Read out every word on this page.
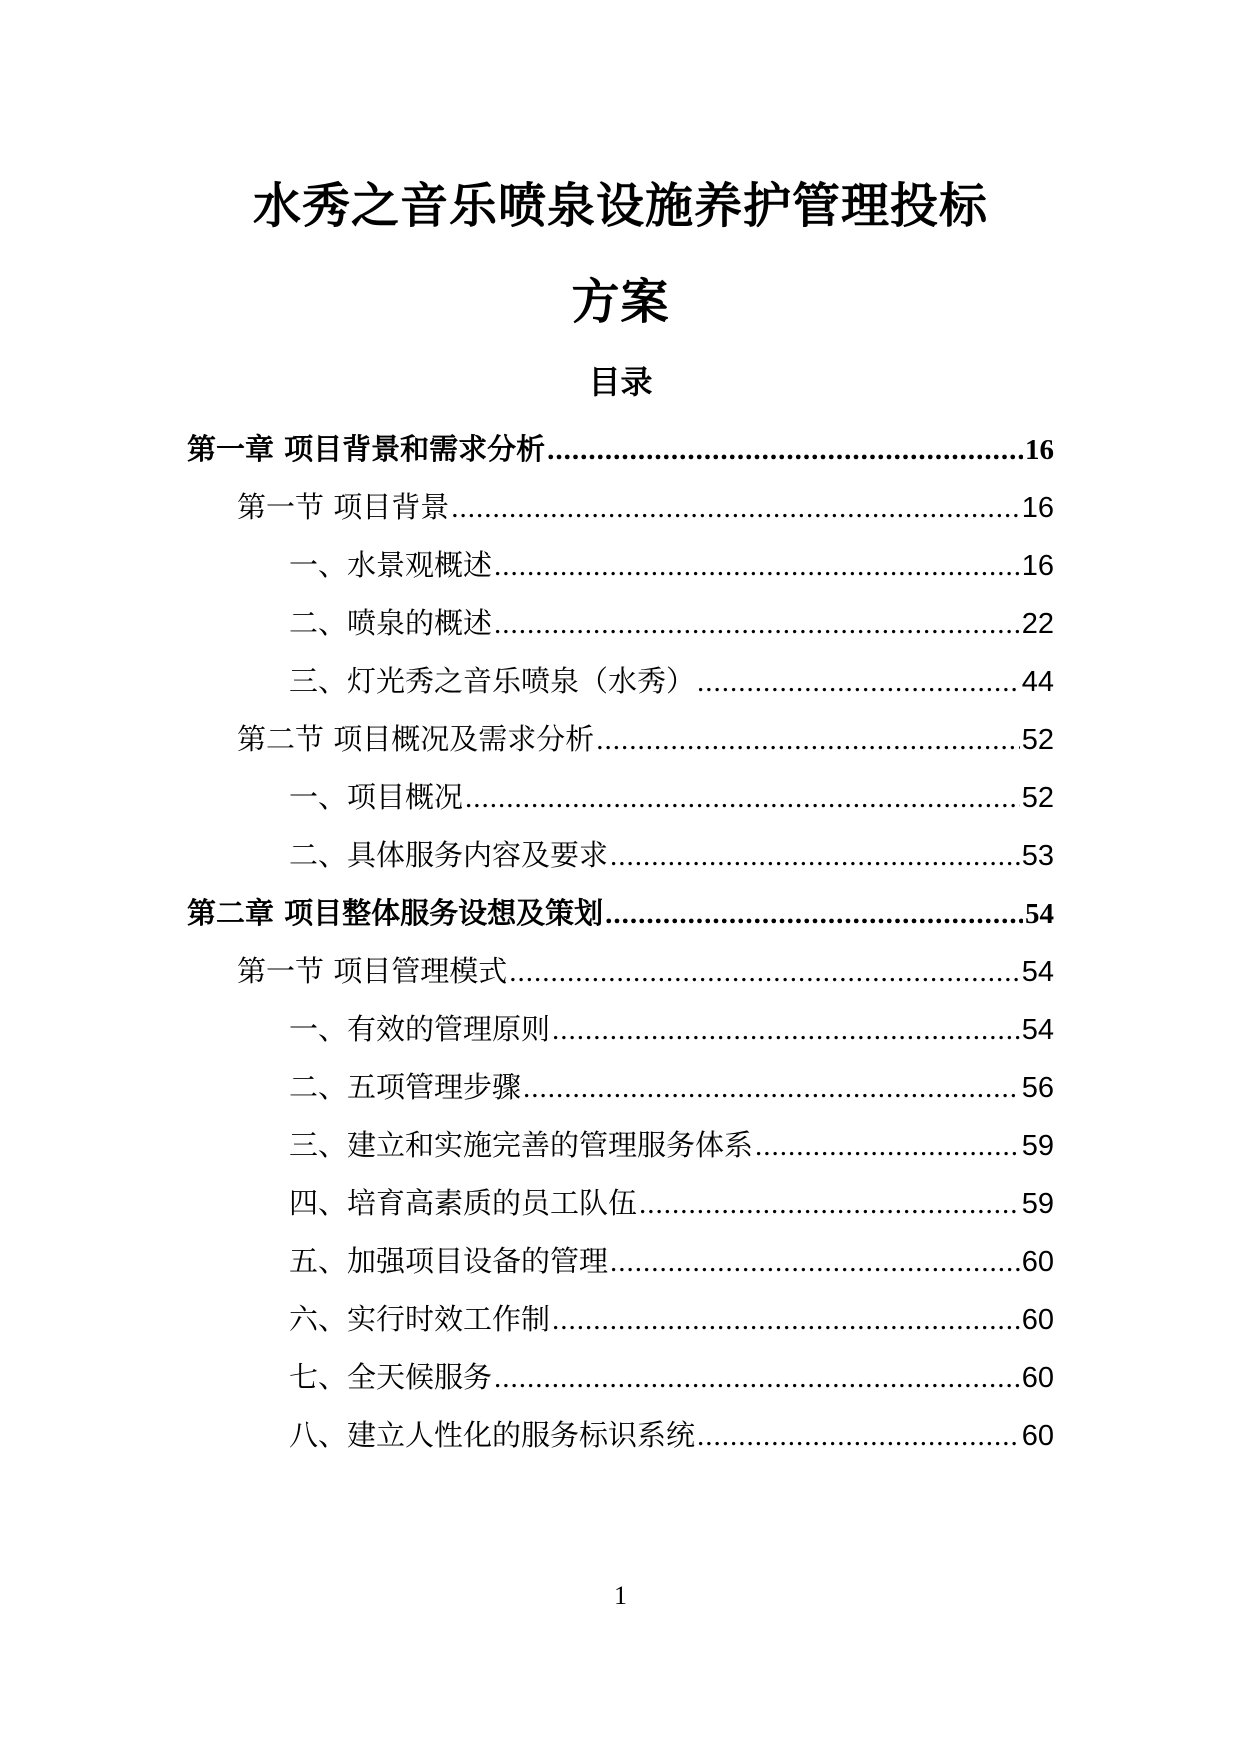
水秀之音乐喷泉设施养护管理投标
方案
目录
第一章 项目背景和需求分析 .....	16
第一节 项目背景 .....	16
一、水景观概述 .....	16
二、喷泉的概述 .....	22
三、灯光秀之音乐喷泉（水秀） .....	44
第二节 项目概况及需求分析 .....	52
一、项目概况 .....	52
二、具体服务内容及要求 .....	53
第二章 项目整体服务设想及策划 .....	54
第一节 项目管理模式 .....	54
一、有效的管理原则 .....	54
二、五项管理步骤 .....	56
三、建立和实施完善的管理服务体系 .....	59
四、培育高素质的员工队伍 .....	59
五、加强项目设备的管理 .....	60
六、实行时效工作制 .....	60
七、全天候服务 .....	60
八、建立人性化的服务标识系统 .....	60
1
